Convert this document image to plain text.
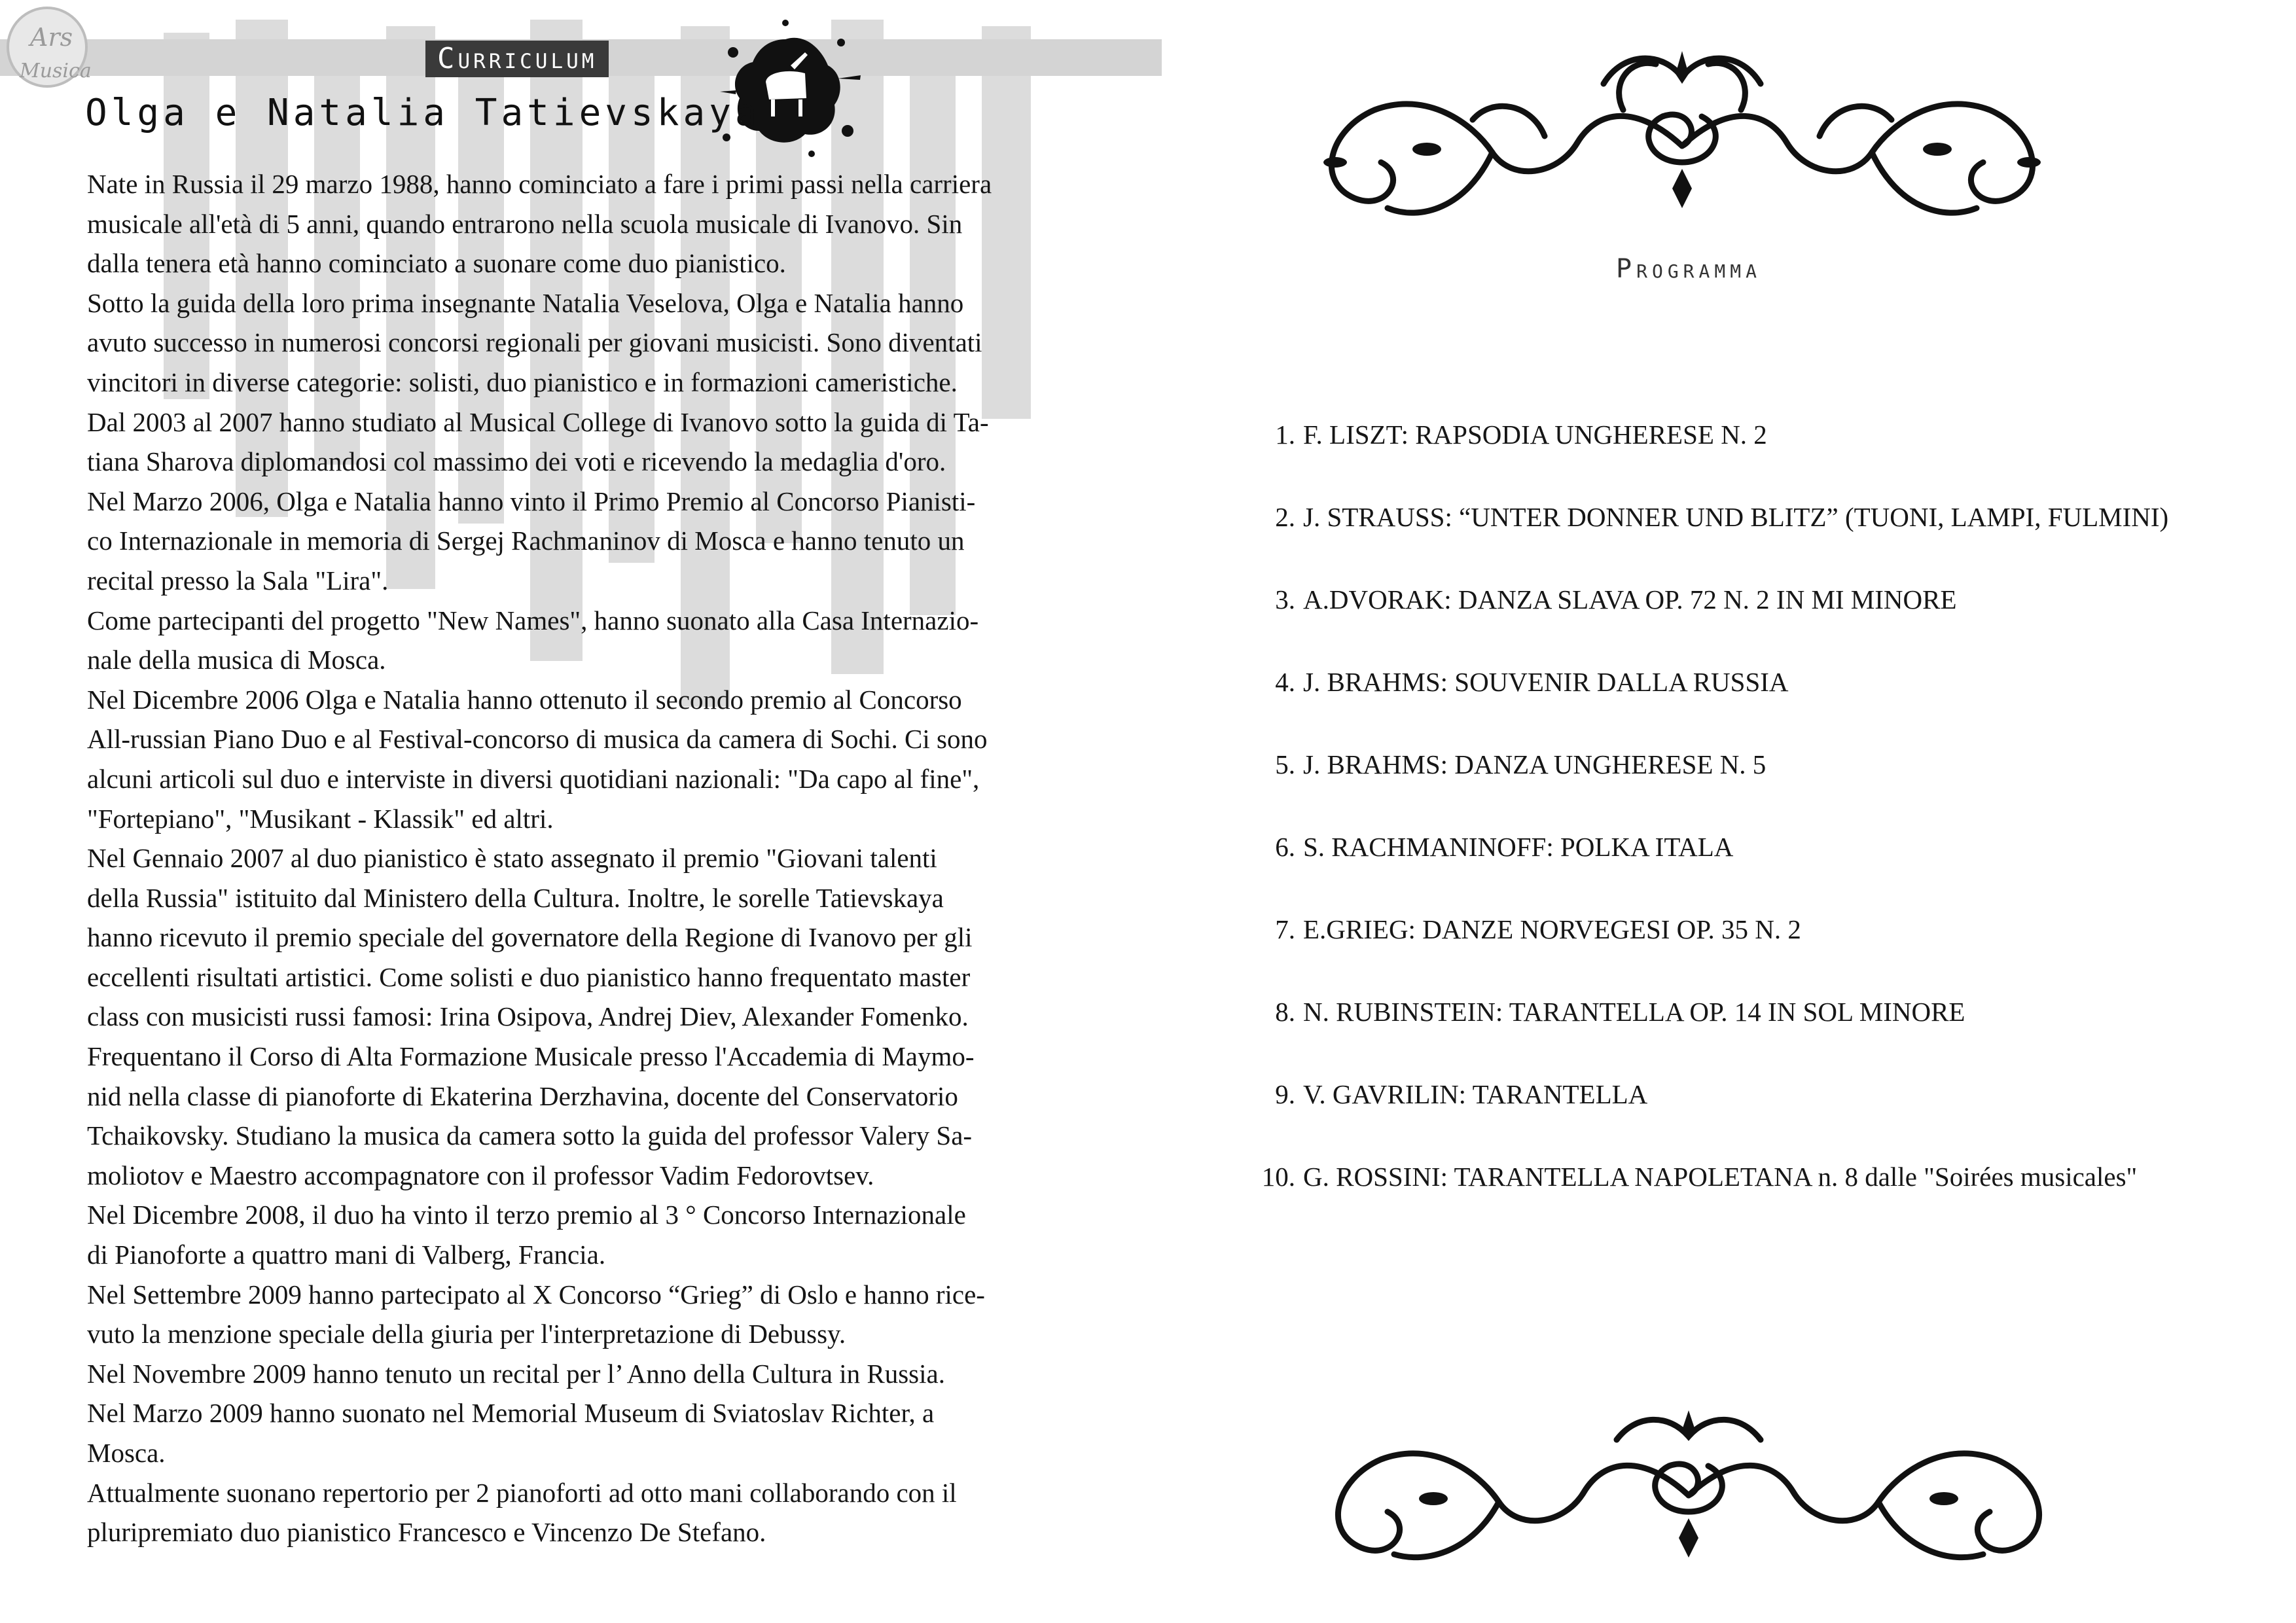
Ars
Musica	Curriculum
Olga e Natalia Tatievskaya

Nate in Russia il 29 marzo 1988, hanno cominciato a fare i primi passi nella carriera

musicale all'età di 5 anni, quando entrarono nella scuola musicale di Ivanovo. Sin

dalla tenera età hanno cominciato a suonare come duo pianistico.

Sotto la guida della loro prima insegnante Natalia Veselova, Olga e Natalia hanno

avuto successo in numerosi concorsi regionali per giovani musicisti. Sono diventati

vincitori in diverse categorie: solisti, duo pianistico e in formazioni cameristiche.

Dal 2003 al 2007 hanno studiato al Musical College di Ivanovo sotto la guida di Ta-

tiana Sharova diplomandosi col massimo dei voti e ricevendo la medaglia d'oro.

Nel Marzo 2006, Olga e Natalia hanno vinto il Primo Premio al Concorso Pianisti-

co Internazionale in memoria di Sergej Rachmaninov di Mosca e hanno tenuto un

recital presso la Sala "Lira".

Come partecipanti del progetto "New Names", hanno suonato alla Casa Internazio-

nale della musica di Mosca.

Nel Dicembre 2006 Olga e Natalia hanno ottenuto il secondo premio al Concorso

All-russian Piano Duo e al Festival-concorso di musica da camera di Sochi. Ci sono

alcuni articoli sul duo e interviste in diversi quotidiani nazionali: "Da capo al fine",

"Fortepiano", "Musikant - Klassik" ed altri.

Nel Gennaio 2007 al duo pianistico è stato assegnato il premio "Giovani talenti

della Russia" istituito dal Ministero della Cultura. Inoltre, le sorelle Tatievskaya

hanno ricevuto il premio speciale del governatore della Regione di Ivanovo per gli

eccellenti risultati artistici. Come solisti e duo pianistico hanno frequentato master

class con musicisti russi famosi: Irina Osipova, Andrej Diev, Alexander Fomenko.

Frequentano il Corso di Alta Formazione Musicale presso l'Accademia di Maymo-

nid nella classe di pianoforte di Ekaterina Derzhavina, docente del Conservatorio

Tchaikovsky. Studiano la musica da camera sotto la guida del professor Valery Sa-

moliotov e Maestro accompagnatore con il professor Vadim Fedorovtsev.

Nel Dicembre 2008, il duo ha vinto il terzo premio al 3 ° Concorso Internazionale

di Pianoforte a quattro mani di Valberg, Francia.

Nel Settembre 2009 hanno partecipato al X Concorso “Grieg” di Oslo e hanno rice-

vuto la menzione speciale della giuria per l'interpretazione di Debussy.

Nel Novembre 2009 hanno tenuto un recital per l’ Anno della Cultura in Russia.

Nel Marzo 2009 hanno suonato nel Memorial Museum di Sviatoslav Richter, a

Mosca.

Attualmente suonano repertorio per 2 pianoforti ad otto mani collaborando con il

pluripremiato duo pianistico Francesco e Vincenzo De Stefano.

Programma
1. F. LISZT: RAPSODIA UNGHERESE N. 2
2. J. STRAUSS: “UNTER DONNER UND BLITZ” (TUONI, LAMPI, FULMINI)
3. A.DVORAK: DANZA SLAVA OP. 72 N. 2 IN MI MINORE
4. J. BRAHMS: SOUVENIR DALLA RUSSIA
5. J. BRAHMS: DANZA UNGHERESE N. 5
6. S. RACHMANINOFF: POLKA ITALA
7. E.GRIEG: DANZE NORVEGESI OP. 35 N. 2
8. N. RUBINSTEIN: TARANTELLA OP. 14 IN SOL MINORE
9. V. GAVRILIN: TARANTELLA
10. G. ROSSINI: TARANTELLA NAPOLETANA n. 8 dalle "Soirées musicales"
